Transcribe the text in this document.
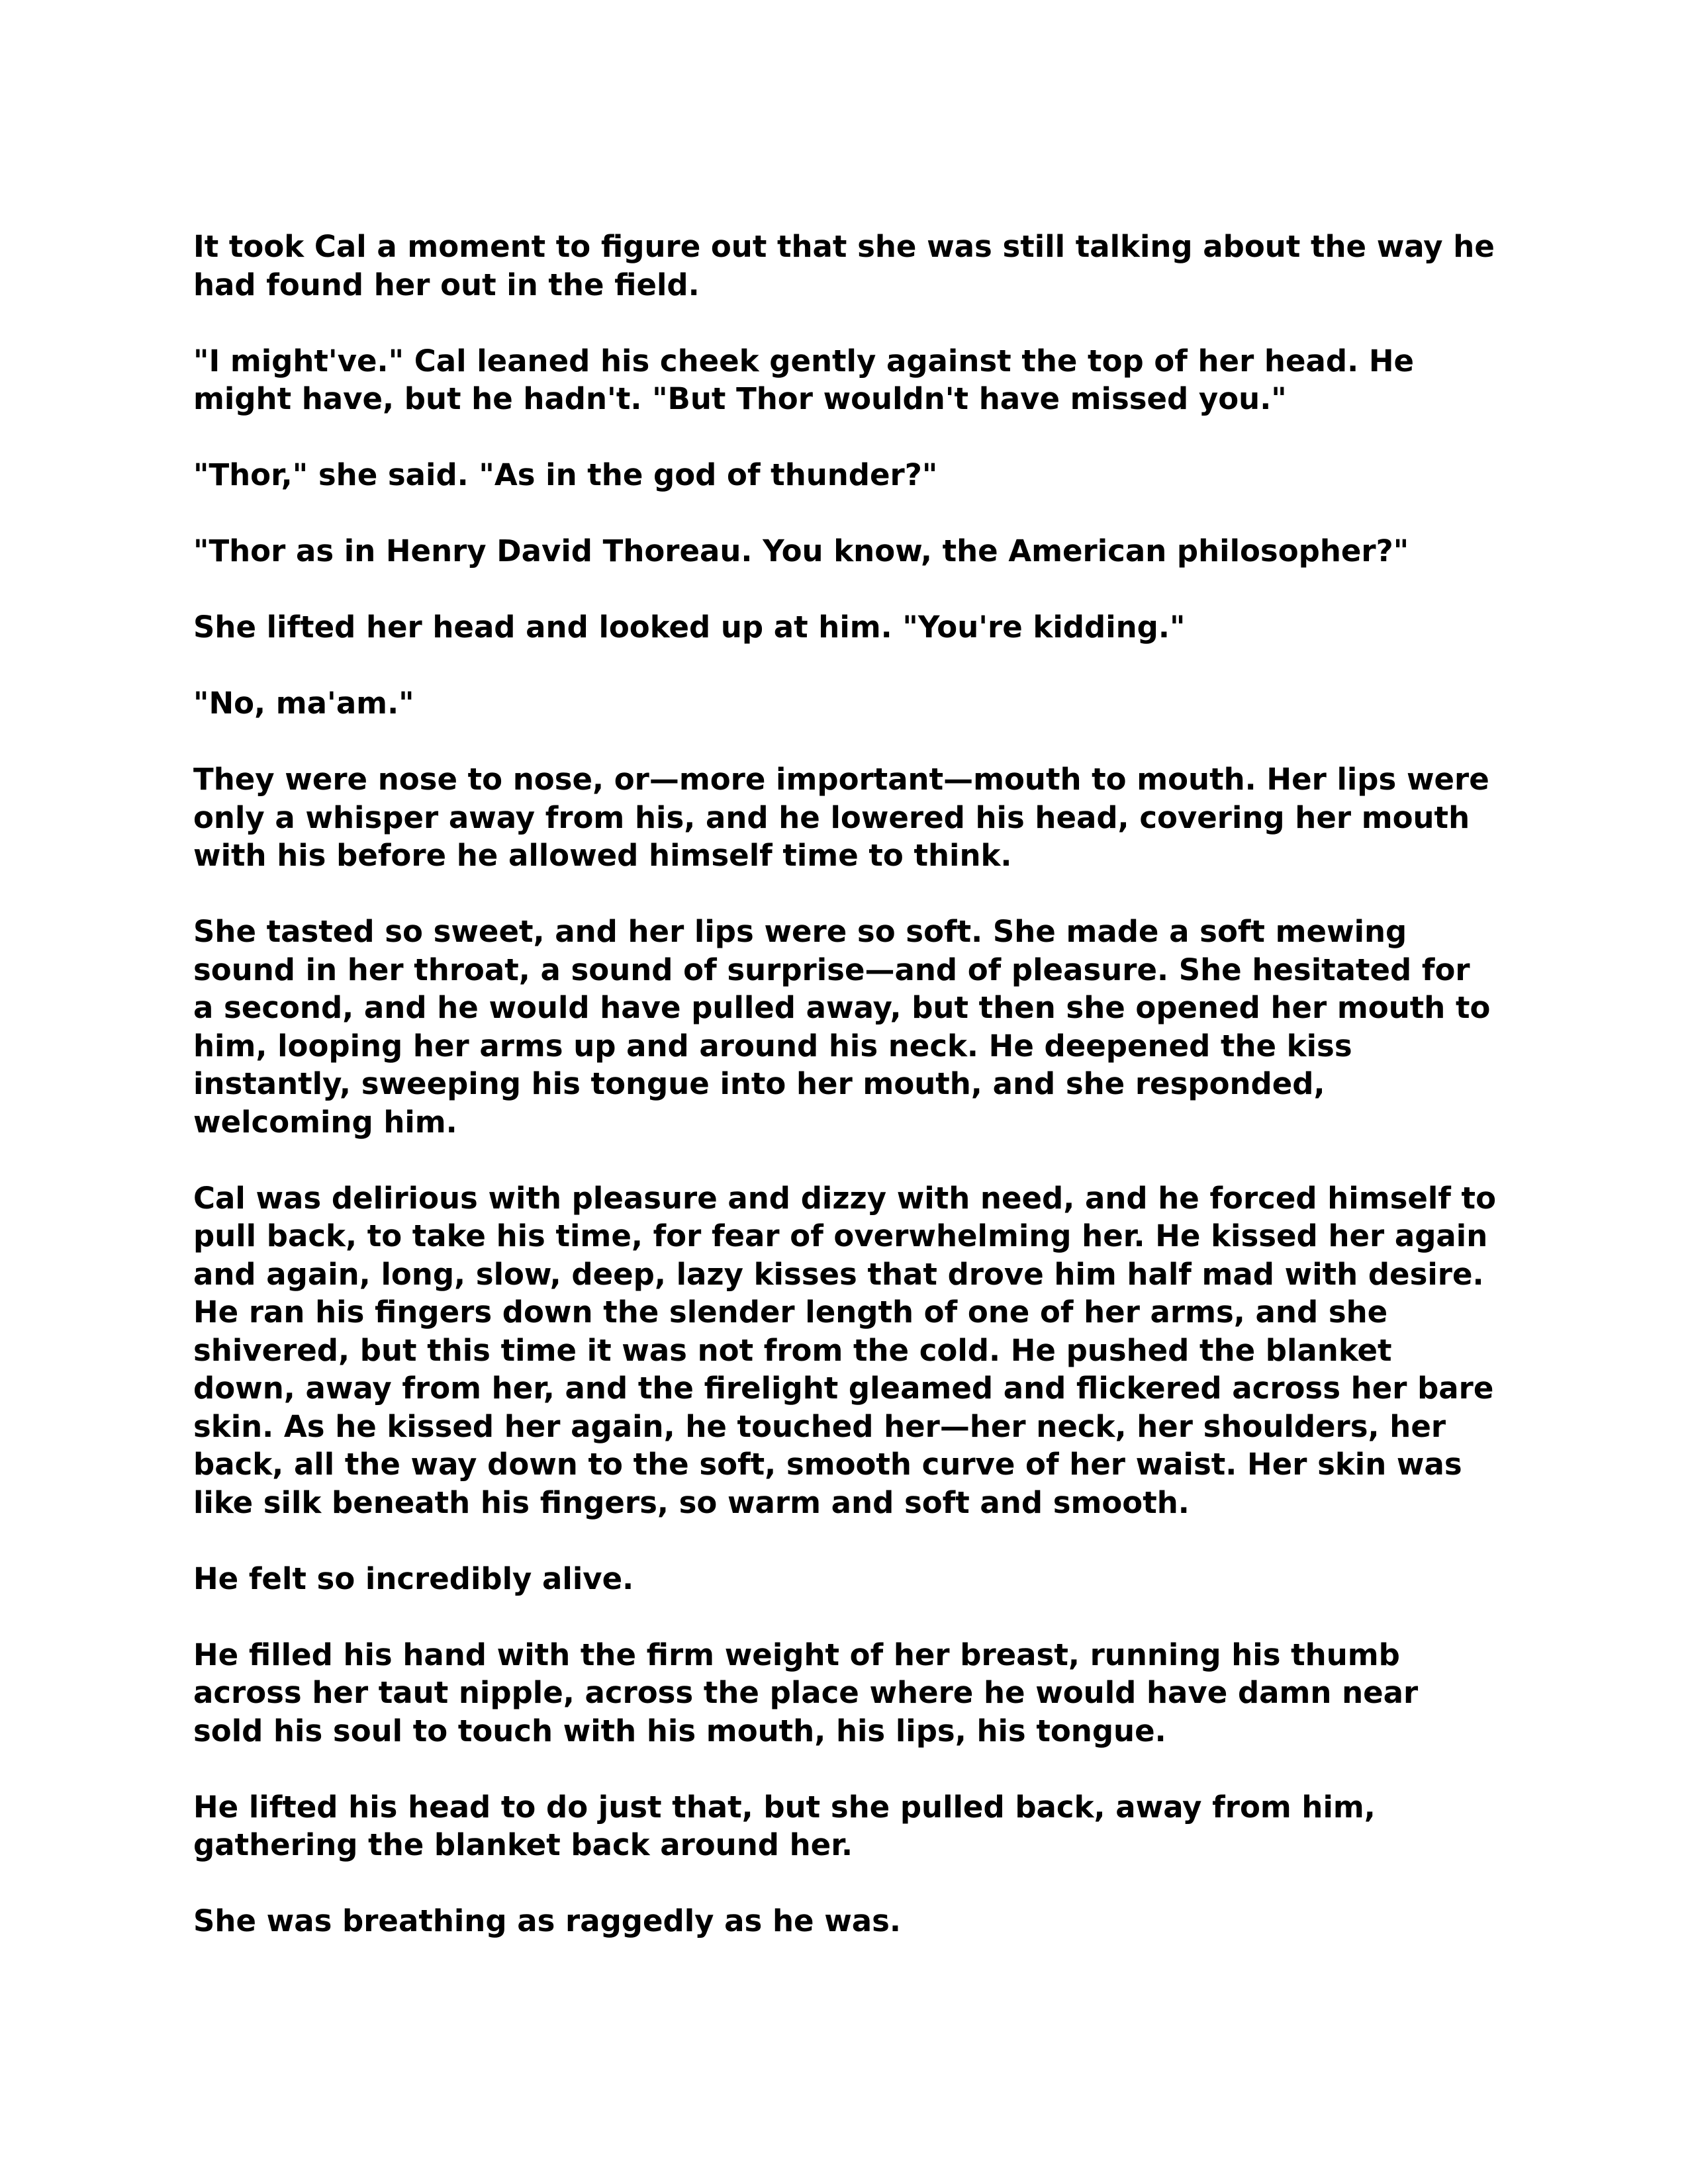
It took Cal a moment to figure out that she was still talking about the way he had found her out in the field.

"I might've." Cal leaned his cheek gently against the top of her head. He might have, but he hadn't. "But Thor wouldn't have missed you."

"Thor," she said. "As in the god of thunder?"

"Thor as in Henry David Thoreau. You know, the American philosopher?"

She lifted her head and looked up at him. "You're kidding."

"No, ma'am."

They were nose to nose, or—more important—mouth to mouth. Her lips were only a whisper away from his, and he lowered his head, covering her mouth with his before he allowed himself time to think.

She tasted so sweet, and her lips were so soft. She made a soft mewing sound in her throat, a sound of surprise—and of pleasure. She hesitated for a second, and he would have pulled away, but then she opened her mouth to him, looping her arms up and around his neck. He deepened the kiss instantly, sweeping his tongue into her mouth, and she responded, welcoming him.

Cal was delirious with pleasure and dizzy with need, and he forced himself to pull back, to take his time, for fear of overwhelming her. He kissed her again and again, long, slow, deep, lazy kisses that drove him half mad with desire. He ran his fingers down the slender length of one of her arms, and she shivered, but this time it was not from the cold. He pushed the blanket down, away from her, and the firelight gleamed and flickered across her bare skin. As he kissed her again, he touched her—her neck, her shoulders, her back, all the way down to the soft, smooth curve of her waist. Her skin was like silk beneath his fingers, so warm and soft and smooth.

He felt so incredibly alive.

He filled his hand with the firm weight of her breast, running his thumb across her taut nipple, across the place where he would have damn near sold his soul to touch with his mouth, his lips, his tongue.

He lifted his head to do just that, but she pulled back, away from him, gathering the blanket back around her.

She was breathing as raggedly as he was.
